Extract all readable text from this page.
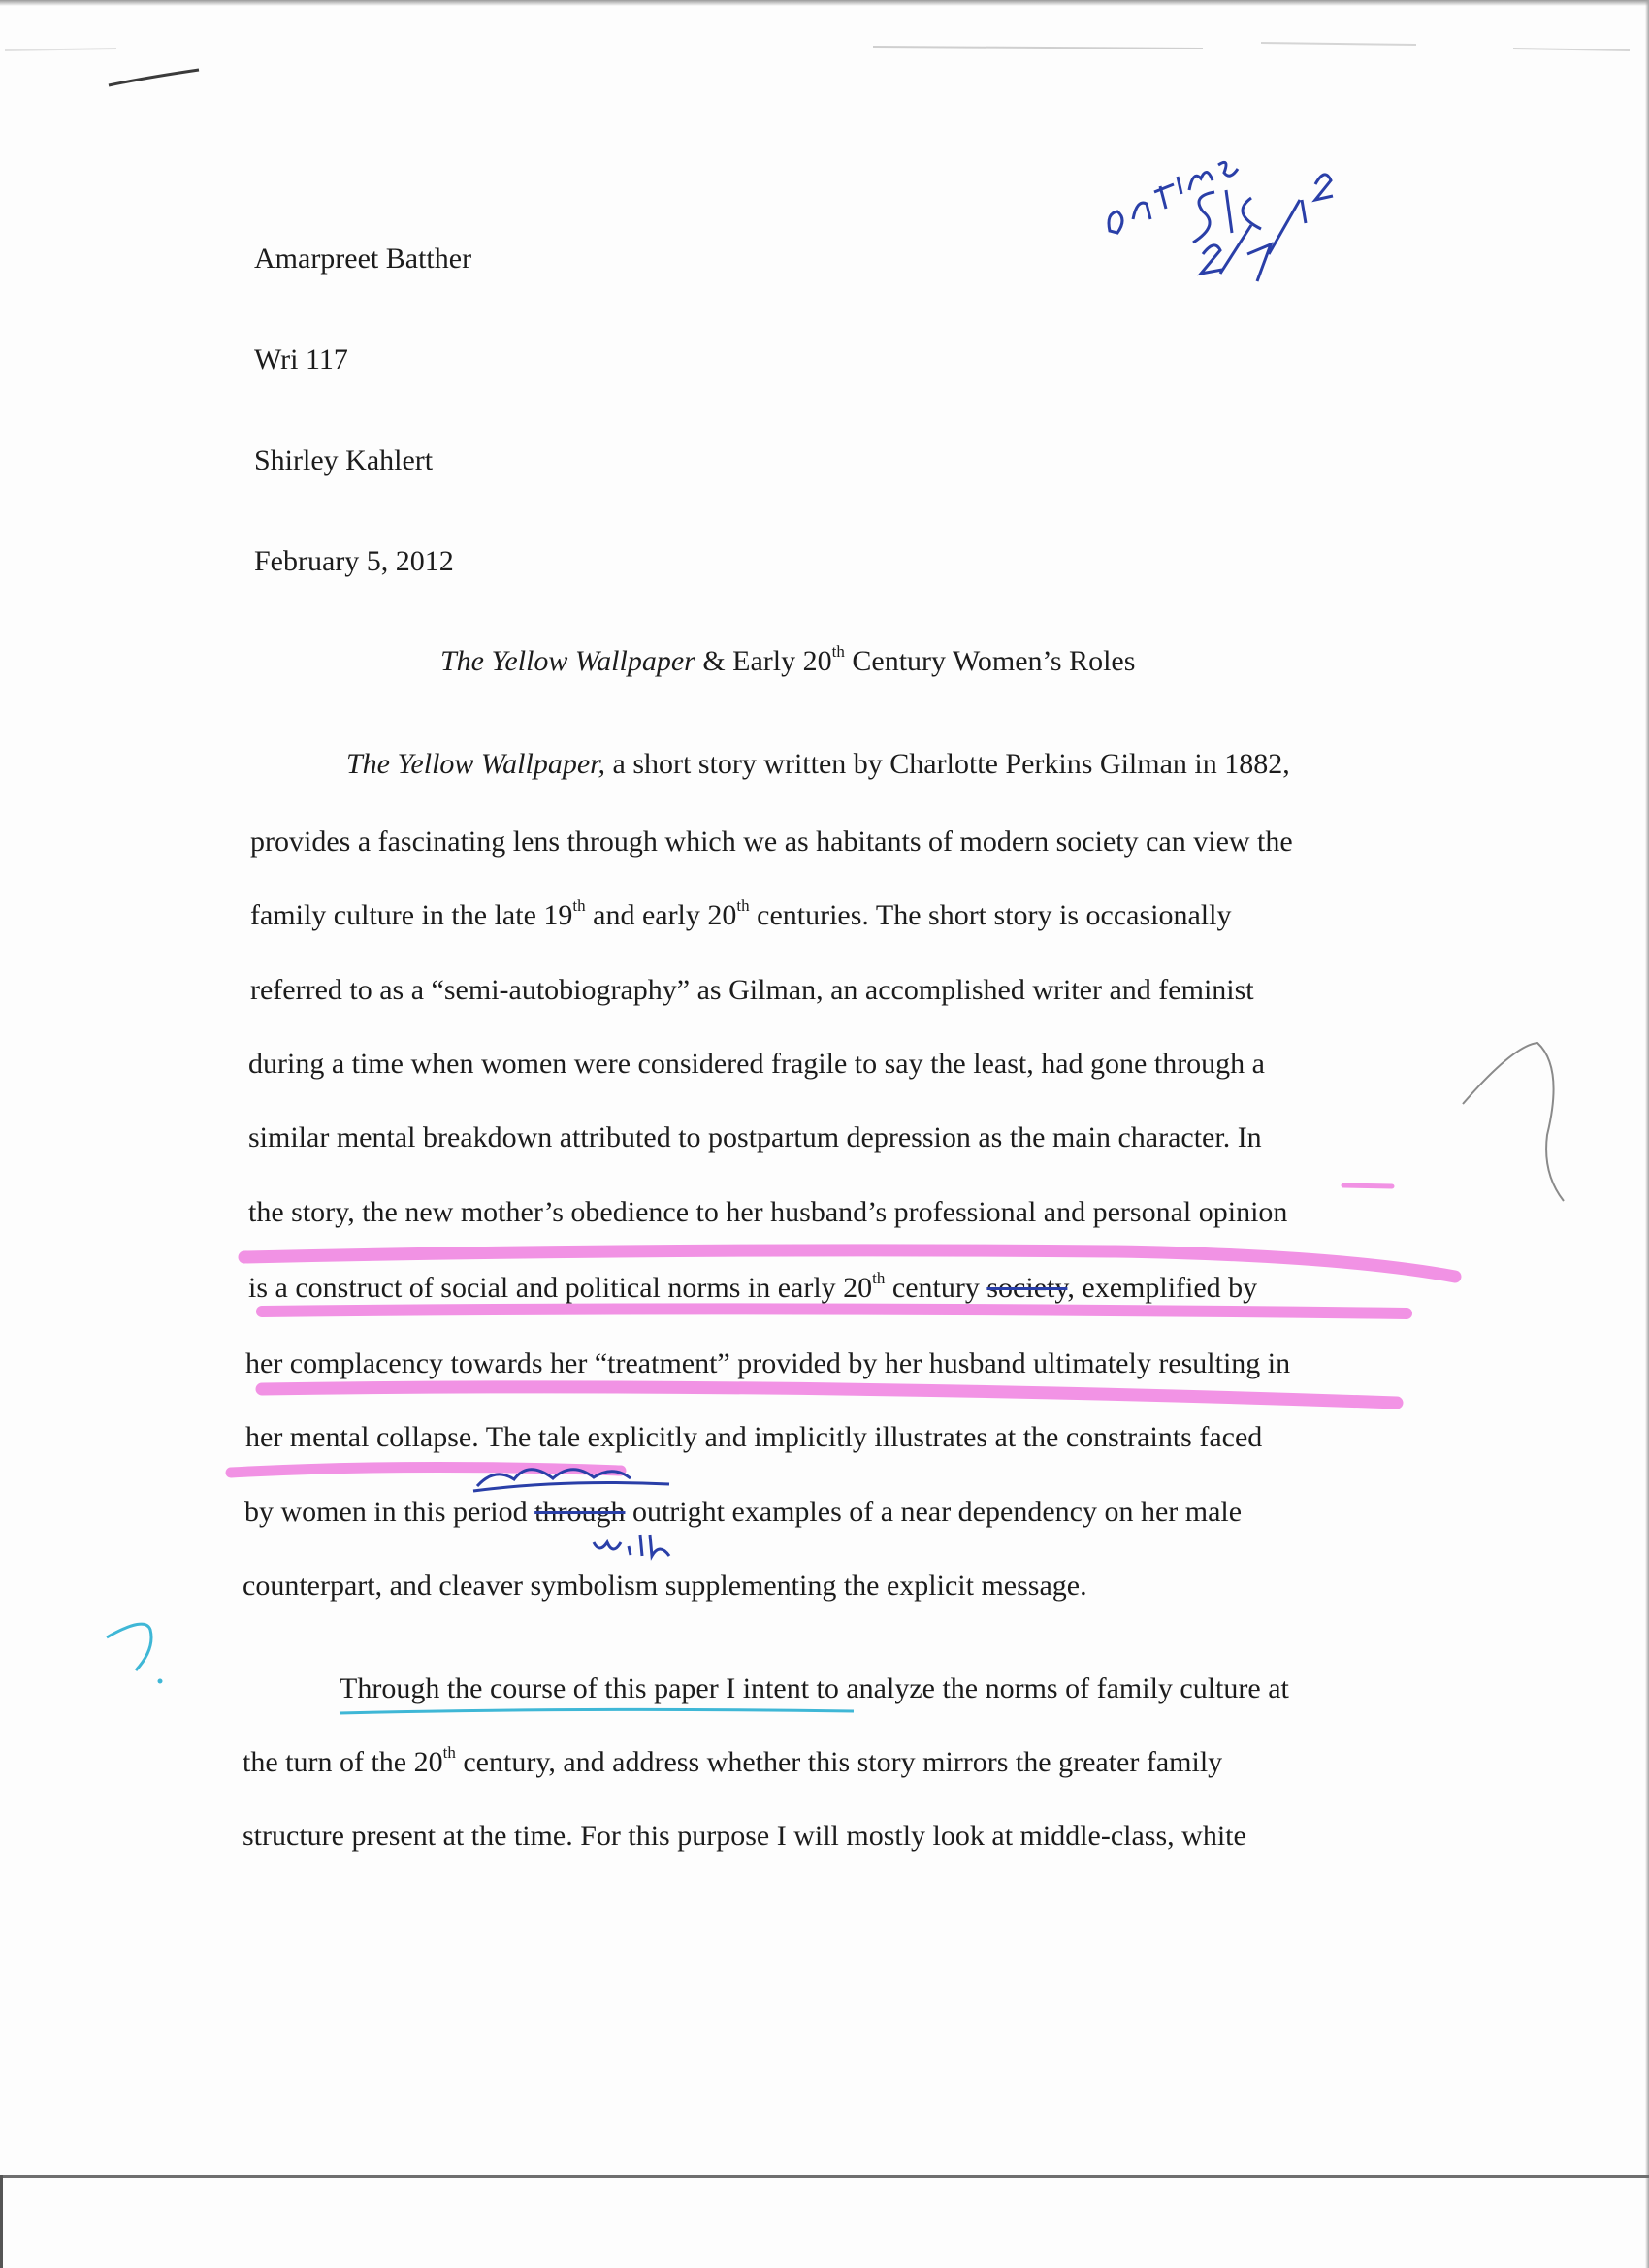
Amarpreet Batther
Wri 117
Shirley Kahlert
February 5, 2012
The Yellow Wallpaper & Early 20th Century Women’s Roles
The Yellow Wallpaper, a short story written by Charlotte Perkins Gilman in 1882,
provides a fascinating lens through which we as habitants of modern society can view the
family culture in the late 19th and early 20th centuries. The short story is occasionally
referred to as a “semi-autobiography” as Gilman, an accomplished writer and feminist
during a time when women were considered fragile to say the least, had gone through a
similar mental breakdown attributed to postpartum depression as the main character. In
the story, the new mother’s obedience to her husband’s professional and personal opinion
is a construct of social and political norms in early 20th century society, exemplified by
her complacency towards her “treatment” provided by her husband ultimately resulting in
her mental collapse. The tale explicitly and implicitly illustrates at the constraints faced
by women in this period through outright examples of a near dependency on her male
counterpart, and cleaver symbolism supplementing the explicit message.
Through the course of this paper I intent to analyze the norms of family culture at
the turn of the 20th century, and address whether this story mirrors the greater family
structure present at the time. For this purpose I will mostly look at middle-class, white
